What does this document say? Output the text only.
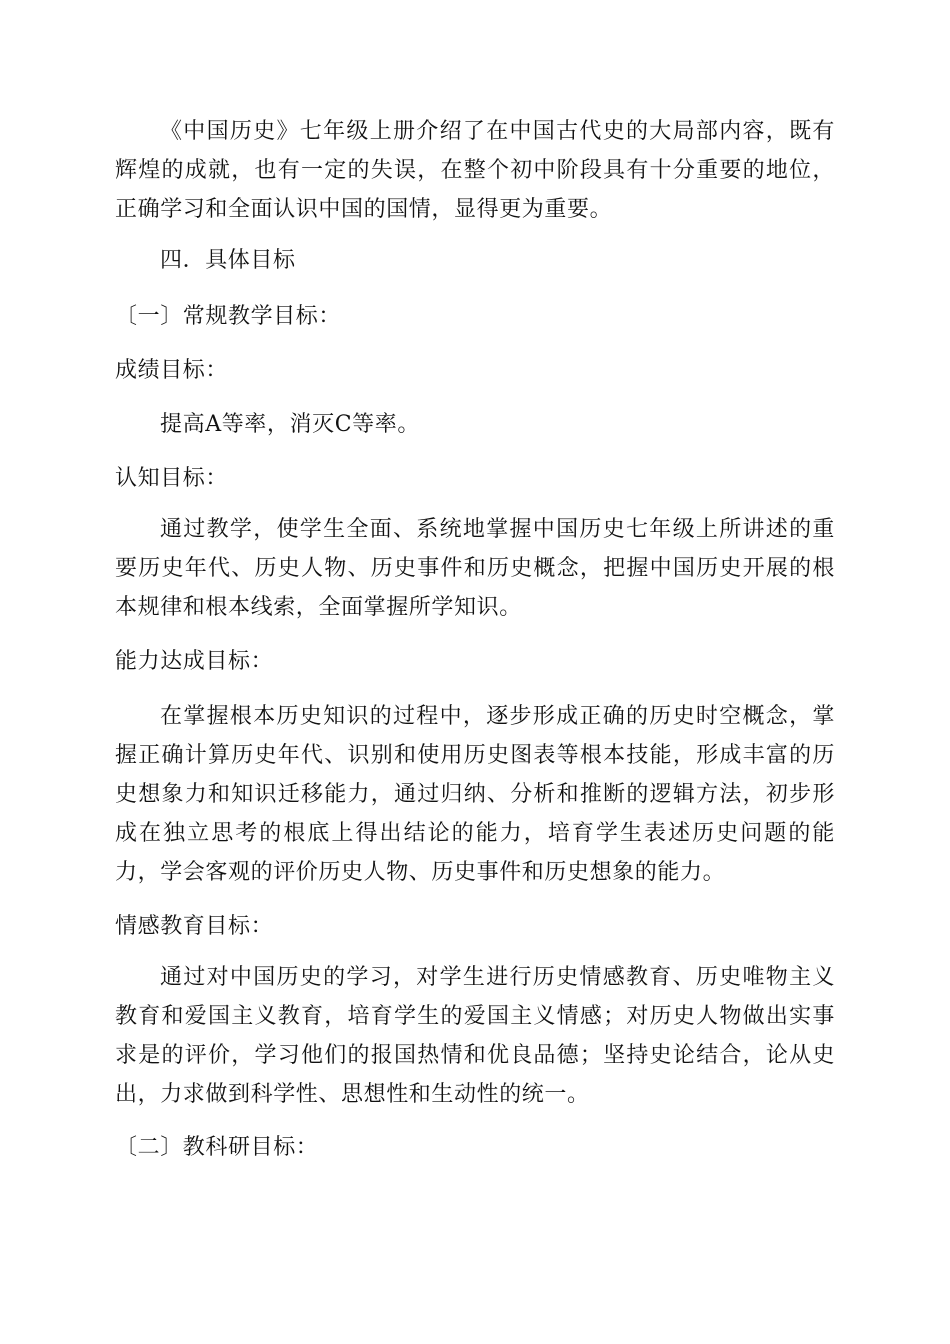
《中国历史》七年级上册介绍了在中国古代史的大局部内容，既有辉煌的成就，也有一定的失误，在整个初中阶段具有十分重要的地位，正确学习和全面认识中国的国情，显得更为重要。

四．具体目标

〔一〕常规教学目标：

成绩目标：

提高A等率，消灭C等率。

认知目标：

通过教学，使学生全面、系统地掌握中国历史七年级上所讲述的重要历史年代、历史人物、历史事件和历史概念，把握中国历史开展的根本规律和根本线索，全面掌握所学知识。

能力达成目标：

在掌握根本历史知识的过程中，逐步形成正确的历史时空概念，掌握正确计算历史年代、识别和使用历史图表等根本技能，形成丰富的历史想象力和知识迁移能力，通过归纳、分析和推断的逻辑方法，初步形成在独立思考的根底上得出结论的能力，培育学生表述历史问题的能力，学会客观的评价历史人物、历史事件和历史想象的能力。

情感教育目标：

通过对中国历史的学习，对学生进行历史情感教育、历史唯物主义教育和爱国主义教育，培育学生的爱国主义情感；对历史人物做出实事求是的评价，学习他们的报国热情和优良品德；坚持史论结合，论从史出，力求做到科学性、思想性和生动性的统一。

〔二〕教科研目标：
